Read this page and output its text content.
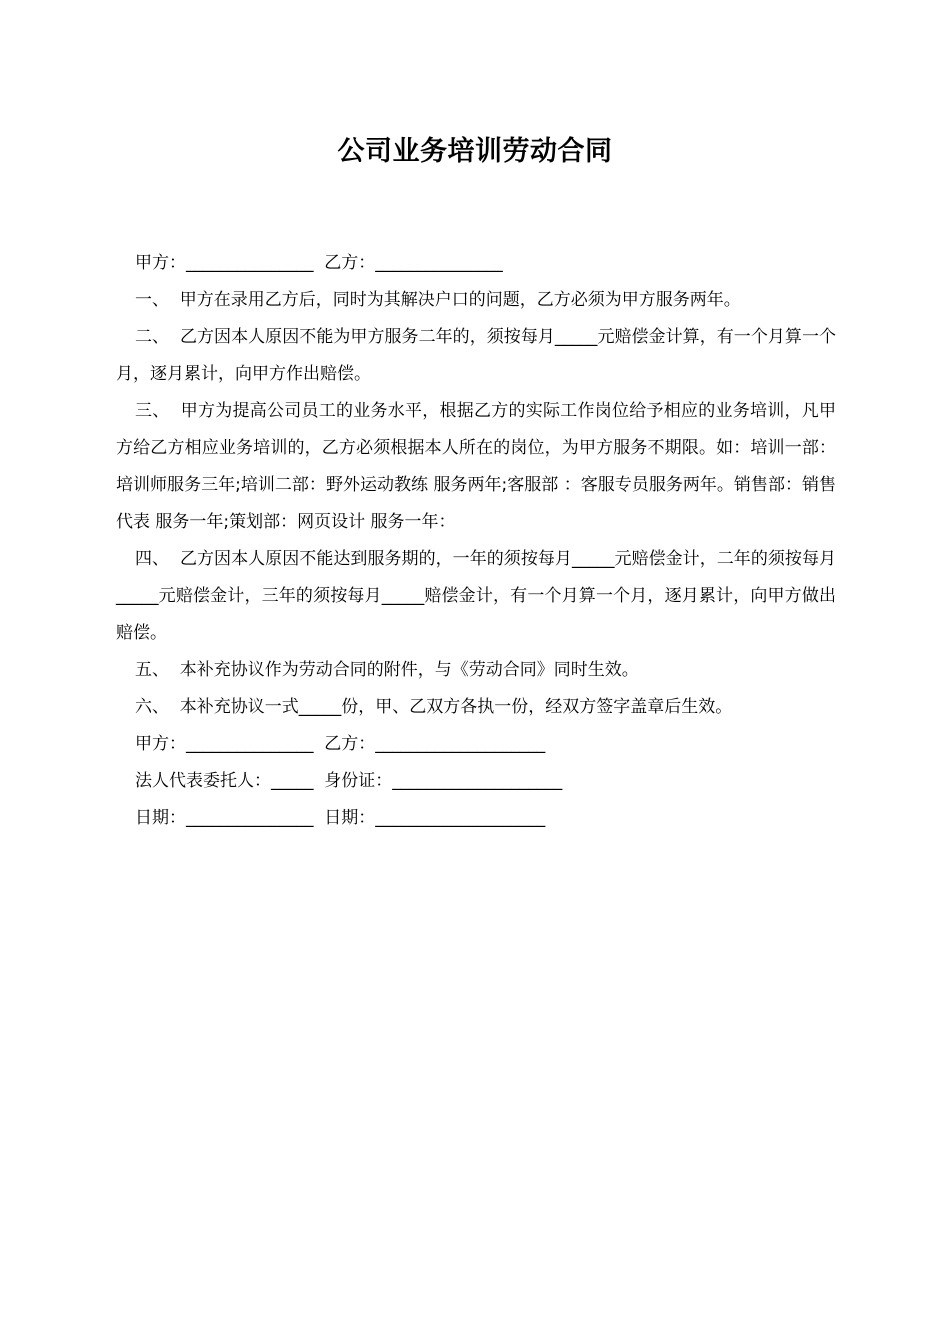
公司业务培训劳动合同

甲方：_______________  乙方：_______________

一、  甲方在录用乙方后，同时为其解决户口的问题，乙方必须为甲方服务两年。

二、  乙方因本人原因不能为甲方服务二年的，须按每月_____元赔偿金计算，有一个月算一个月，逐月累计，向甲方作出赔偿。

三、  甲方为提高公司员工的业务水平，根据乙方的实际工作岗位给予相应的业务培训，凡甲方给乙方相应业务培训的，乙方必须根据本人所在的岗位，为甲方服务不期限。如：培训一部：培训师服务三年;培训二部：野外运动教练 服务两年;客服部 ：客服专员服务两年。销售部：销售代表 服务一年;策划部：网页设计 服务一年：

四、  乙方因本人原因不能达到服务期的，一年的须按每月_____元赔偿金计，二年的须按每月_____元赔偿金计，三年的须按每月_____赔偿金计，有一个月算一个月，逐月累计，向甲方做出赔偿。

五、  本补充协议作为劳动合同的附件，与《劳动合同》同时生效。

六、  本补充协议一式_____份，甲、乙双方各执一份，经双方签字盖章后生效。

甲方：_______________  乙方：____________________

法人代表委托人：_____  身份证：____________________

日期：_______________  日期：____________________
